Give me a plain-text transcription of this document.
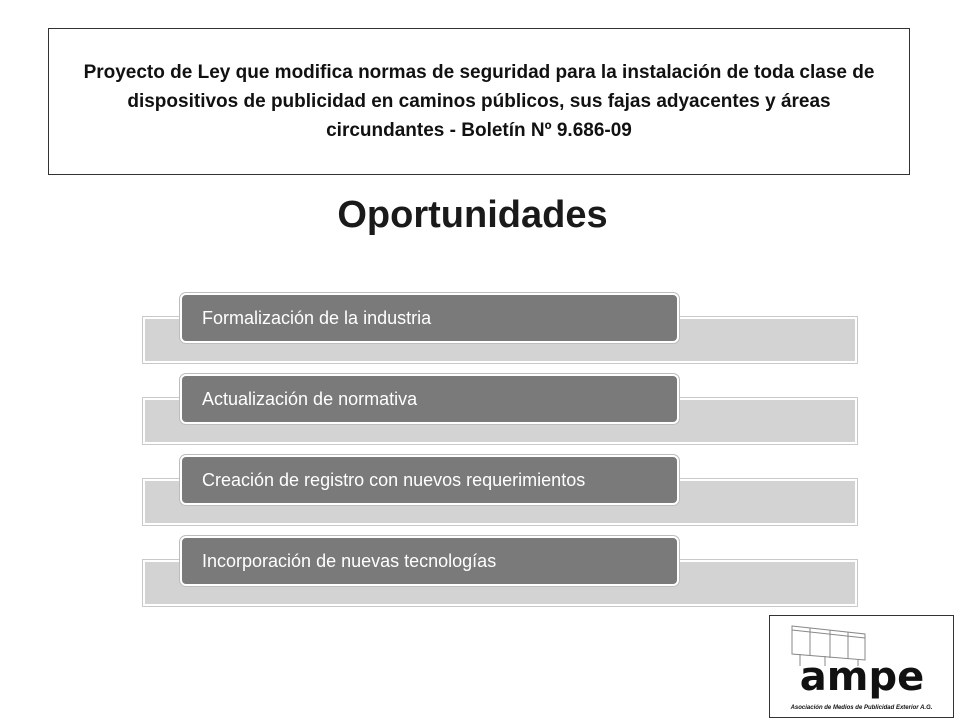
Proyecto de Ley que modifica normas de seguridad para la instalación de toda clase de dispositivos de publicidad en caminos públicos, sus fajas adyacentes y áreas circundantes - Boletín Nº 9.686-09

Oportunidades
Formalización de la industria
Actualización de normativa
Creación de registro con nuevos requerimientos
Incorporación de nuevas tecnologías
ampe
Asociación de Medios de Publicidad Exterior A.G.
